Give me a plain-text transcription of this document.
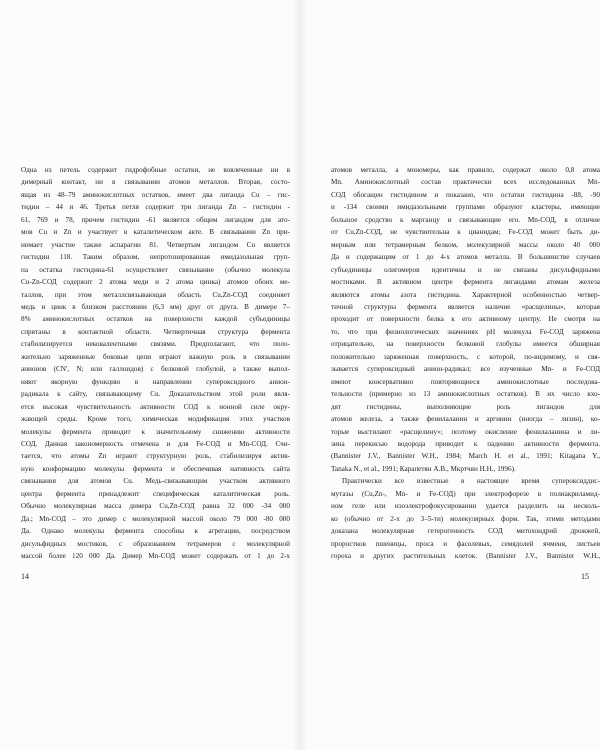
Одна из петель содержит гидрофобные остатки, не вовлеченные ни в
димерный контакт, ни в связывании атомов металлов. Вторая, состо-
ящая из 48–79 аминокислотных остатков, имеет два лиганда Cu – гис-
тидин – 44 и 46. Третья петля содержит три лиганда Zn – гистидин -
61, 769 и 78, причем гистидин -61 является общим лигандом для ато-
мов Cu и Zn и участвует в каталитическом акте. В связывании Zn при-
нимает участие также аспарагин 81. Четвертым лигандом Cu является
гистидин 118. Таким образом, непротонированная имидазольная груп-
па остатка гистидина-61 осуществляет связывание (обычно молекула
Cu-Zn-СОД содержит 2 атома меди и 2 атома цинка) атомов обоих ме-
таллов, при этом металлсвязывающая область Cu,Zn-СОД соединяет
медь и цинк в близком расстоянии (6,3 мм) друг от друга. В димере 7–
8% аминокислотных остатков на поверхности каждой субъединицы
спрятаны в контактной области. Четвертичная структура фермента
стабилизируется нековалентными связями. Предполагают, что поло-
жительно заряженные боковые цепи играют важную роль в связывании
анионов (CN', N; или галлоидов) с белковой глобулой, а также выпол-
няют якорную функцию в направлении супероксидного анион-
радикала к сайту, связывающему Cu. Доказательством этой роли явля-
ется высокая чувствительность активности СОД к ионной силе окру-
жающей среды. Кроме того, химическая модификация этих участков
молекулы фермента приводит к значительному снижению активности
СОД. Данная закономерность отмечена и для Fe-СОД и Mn-СОД. Счи-
тается, что атомы Zn играют структурную роль, стабилизируя актив-
ную конформацию молекулы фермента и обеспечивая нативность сайта
связывания для атомов Cu. Медь-связывающим участком активного
центра фермента принадлежит специфическая каталитическая роль.
Обычно молекулярная масса димера Cu,Zn-СОД равна 32 000 -34 000
Да.; Mn-СОД – это димер с молекулярной массой около 79 000 -80 000
Да. Однако молекулы фермента способны к агрегации, посредством
дисульфидных мостиков, с образованием тетрамеров с молекулярной
массой более 120 000 Да. Димер Mn-СОД может содержать от 1 до 2-х
14
атомов металла, а мономеры, как правило, содержат около 0,8 атома
Mn. Аминокислотный состав практически всех исследованных Mn-
СОД обогащен гистидином и показано, что остатки гистидина -88, -90
и -134 своими имидазольными группами образуют кластеры, имеющие
большое сродство к марганцу и связывающие его. Mn-СОД, в отличие
от Cu,Zn-СОД, не чувствительна к цианидам; Fe-СОД может быть ди-
мерным или тетрамерным белком, молекулярной массы около 40 000
Да и содержащим от 1 до 4-х атомов металла. В большинстве случаев
субъединицы олигомеров идентичны и не связаны дисульфидными
мостиками. В активном центре фермента лигандами атомам железа
являются атомы азота гистидина. Характерной особенностью четвер-
тичной структуры фермента является наличие «расщелины», которая
проходит от поверхности белка к его активному центру. Не смотря на
то, что при физиологических значениях pH молекула Fe-СОД заряжена
отрицательно, на поверхности белковой глобулы имеется обширная
положительно заряженная поверхность, с которой, по-видимому, и свя-
зывается супероксидный анион-радикал; все изученные Mn- и Fe-СОД
имеют консервативно повторяющиеся аминокислотные последова-
тельности (примерно из 13 аминокислотных остатков). В их число вхо-
дят гистидины, выполняющие роль лигандов для
атомов железа, а также фенилаланин и аргинин (иногда – лизин), ко-
торые выстилают «расщелину»; поэтому окисление фенилаланина и ли-
зина перекисью водорода приводит к падению активности фермента.
(Bannister J.V., Bannister W.H., 1984; March H. et al., 1991; Kitagana Y.,
Tanaka N., et al., 1991; Карапетян А.В., Мкртчян Н.Н., 1996).
Практически все известные в настоящее время супероксиддис-
мутазы (Cu,Zn-, Mn- и Fe-СОД) при электрофорезе в полиакриламид-
ном геле или изоэлектрофокусировании удается разделить на несколь-
ко (обычно от 2-х до 3–5-ти) молекулярных форм. Так, этими методами
доказана молекулярная гетерогенность СОД митохондрий дрожжей,
проростков пшеницы, проса и фасолевых, семядолей ячменя, листьев
гороха и других растительных клеток. (Bannister J.V., Bannister W.H.,
15
